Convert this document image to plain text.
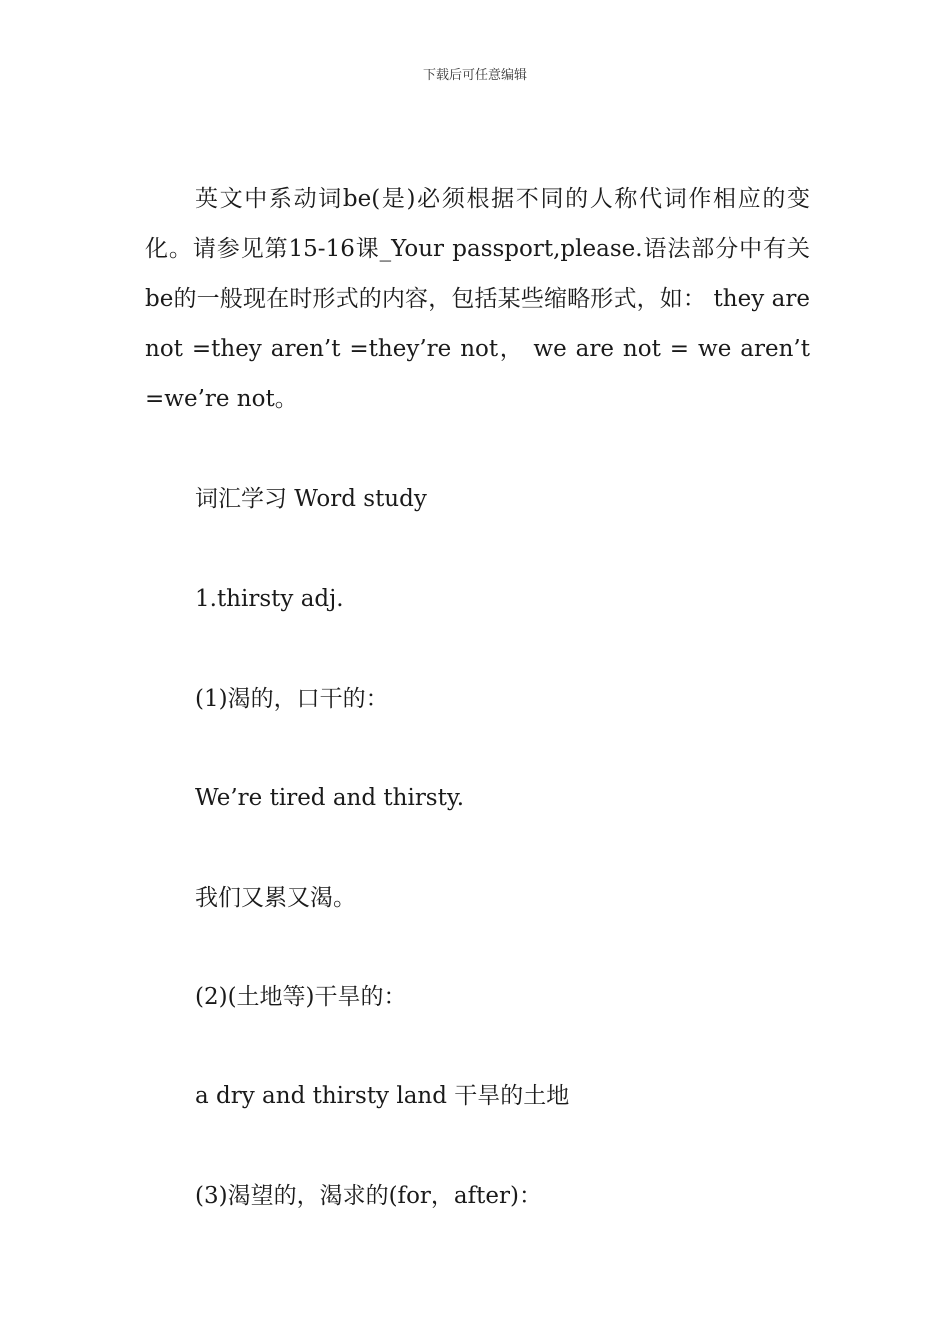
下载后可任意编辑

英文中系动词be(是)必须根据不同的人称代词作相应的变化。请参见第15-16课_Your passport,please.语法部分中有关be的一般现在时形式的内容，包括某些缩略形式，如： they are not =they aren’t =they’re not， we are not = we aren’t =we’re not。

词汇学习 Word study

1.thirsty adj.

(1)渴的，口干的：

We’re tired and thirsty.

我们又累又渴。

(2)(土地等)干旱的：

a dry and thirsty land 干旱的土地

(3)渴望的，渴求的(for，after)：
